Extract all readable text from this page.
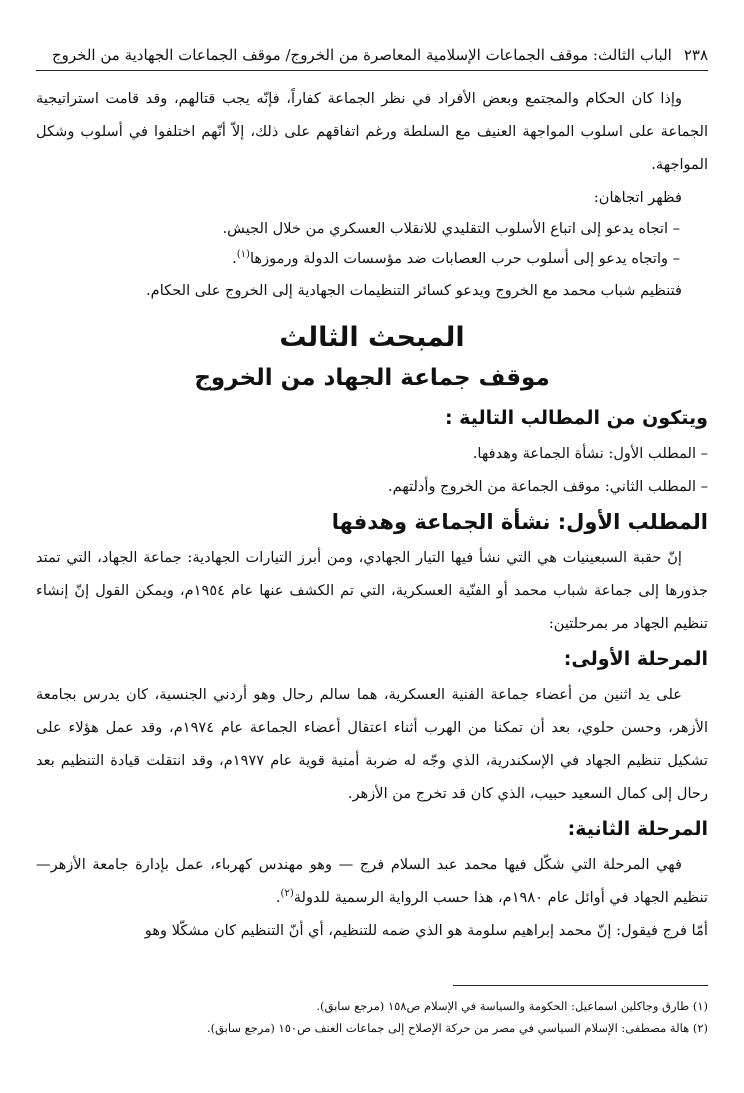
٢٣٨
الباب الثالث: موقف الجماعات الإسلامية المعاصرة من الخروج/ موقف الجماعات الجهادية من الخروج

وإذا كان الحكام والمجتمع وبعض الأفراد في نظر الجماعة كفاراً، فإنّه يجب قتالهم، وقد قامت استراتيجية الجماعة على اسلوب المواجهة العنيف مع السلطة ورغم اتفاقهم على ذلك، إلاّ أنّهم اختلفوا في أسلوب وشكل المواجهة.

فظهر اتجاهان:

– اتجاه يدعو إلى اتباع الأسلوب التقليدي للانقلاب العسكري من خلال الجيش.
– واتجاه يدعو إلى أسلوب حرب العصابات ضد مؤسسات الدولة ورموزها$^{(١)}$.

فتنظيم شباب محمد مع الخروج ويدعو كسائر التنظيمات الجهادية إلى الخروج على الحكام.

المبحث الثالث
موقف جماعة الجهاد من الخروج
ويتكون من المطالب التالية :

– المطلب الأول: نشأة الجماعة وهدفها.

– المطلب الثاني: موقف الجماعة من الخروج وأدلتهم.

المطلب الأول: نشأة الجماعة وهدفها

إنّ حقبة السبعينيات هي التي نشأ فيها التيار الجهادي، ومن أبرز التيارات الجهادية: جماعة الجهاد، التي تمتد جذورها إلى جماعة شباب محمد أو الفنّية العسكرية، التي تم الكشف عنها عام ١٩٥٤م، ويمكن القول إنّ إنشاء تنظيم الجهاد مر بمرحلتين:

المرحلة الأولى:

على يد اثنين من أعضاء جماعة الفنية العسكرية، هما سالم رحال وهو أردني الجنسية، كان يدرس بجامعة الأزهر، وحسن حلوي، بعد أن تمكنا من الهرب أثناء اعتقال أعضاء الجماعة عام ١٩٧٤م، وقد عمل هؤلاء على تشكيل تنظيم الجهاد في الإسكندرية، الذي وجّه له ضربة أمنية قوية عام ١٩٧٧م، وقد انتقلت قيادة التنظيم بعد رحال إلى كمال السعيد حبيب، الذي كان قد تخرج من الأزهر.

المرحلة الثانية:

فهي المرحلة التي شكّل فيها محمد عبد السلام فرج — وهو مهندس كهرباء، عمل بإدارة جامعة الأزهر— تنظيم الجهاد في أوائل عام ١٩٨٠م، هذا حسب الرواية الرسمية للدولة$^{(٢)}$.

أمّا فرج فيقول: إنّ محمد إبراهيم سلومة هو الذي ضمه للتنظيم، أي أنّ التنظيم كان مشكّلا وهو

(١) طارق وجاكلين اسماعيل: الحكومة والسياسة في الإسلام ص١٥٨ (مرجع سابق).
(٢) هالة مصطفى: الإسلام السياسي في مصر من حركة الإصلاح إلى جماعات العنف ص١٥٠ (مرجع سابق).
